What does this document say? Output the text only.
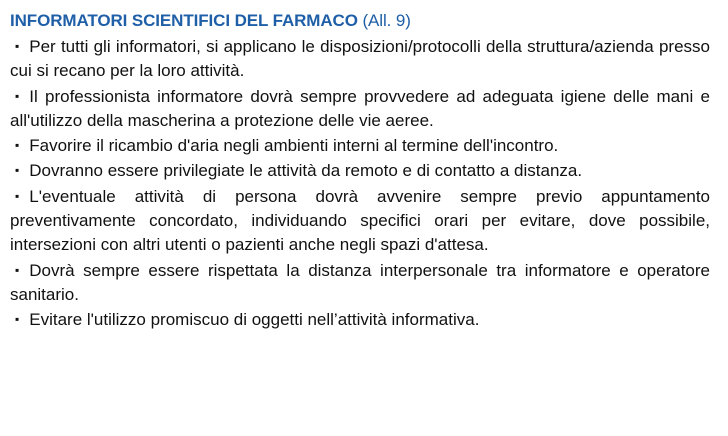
INFORMATORI SCIENTIFICI DEL FARMACO (All. 9)

▪ Per tutti gli informatori, si applicano le disposizioni/protocolli della struttura/azienda presso cui si recano per la loro attività.

▪ Il professionista informatore dovrà sempre provvedere ad adeguata igiene delle mani e all'utilizzo della mascherina a protezione delle vie aeree.

▪ Favorire il ricambio d'aria negli ambienti interni al termine dell'incontro.

▪ Dovranno essere privilegiate le attività da remoto e di contatto a distanza.

▪ L'eventuale attività di persona dovrà avvenire sempre previo appuntamento preventivamente concordato, individuando specifici orari per evitare, dove possibile, intersezioni con altri utenti o pazienti anche negli spazi d'attesa.

▪ Dovrà sempre essere rispettata la distanza interpersonale tra informatore e operatore sanitario.

▪ Evitare l'utilizzo promiscuo di oggetti nell’attività informativa.
